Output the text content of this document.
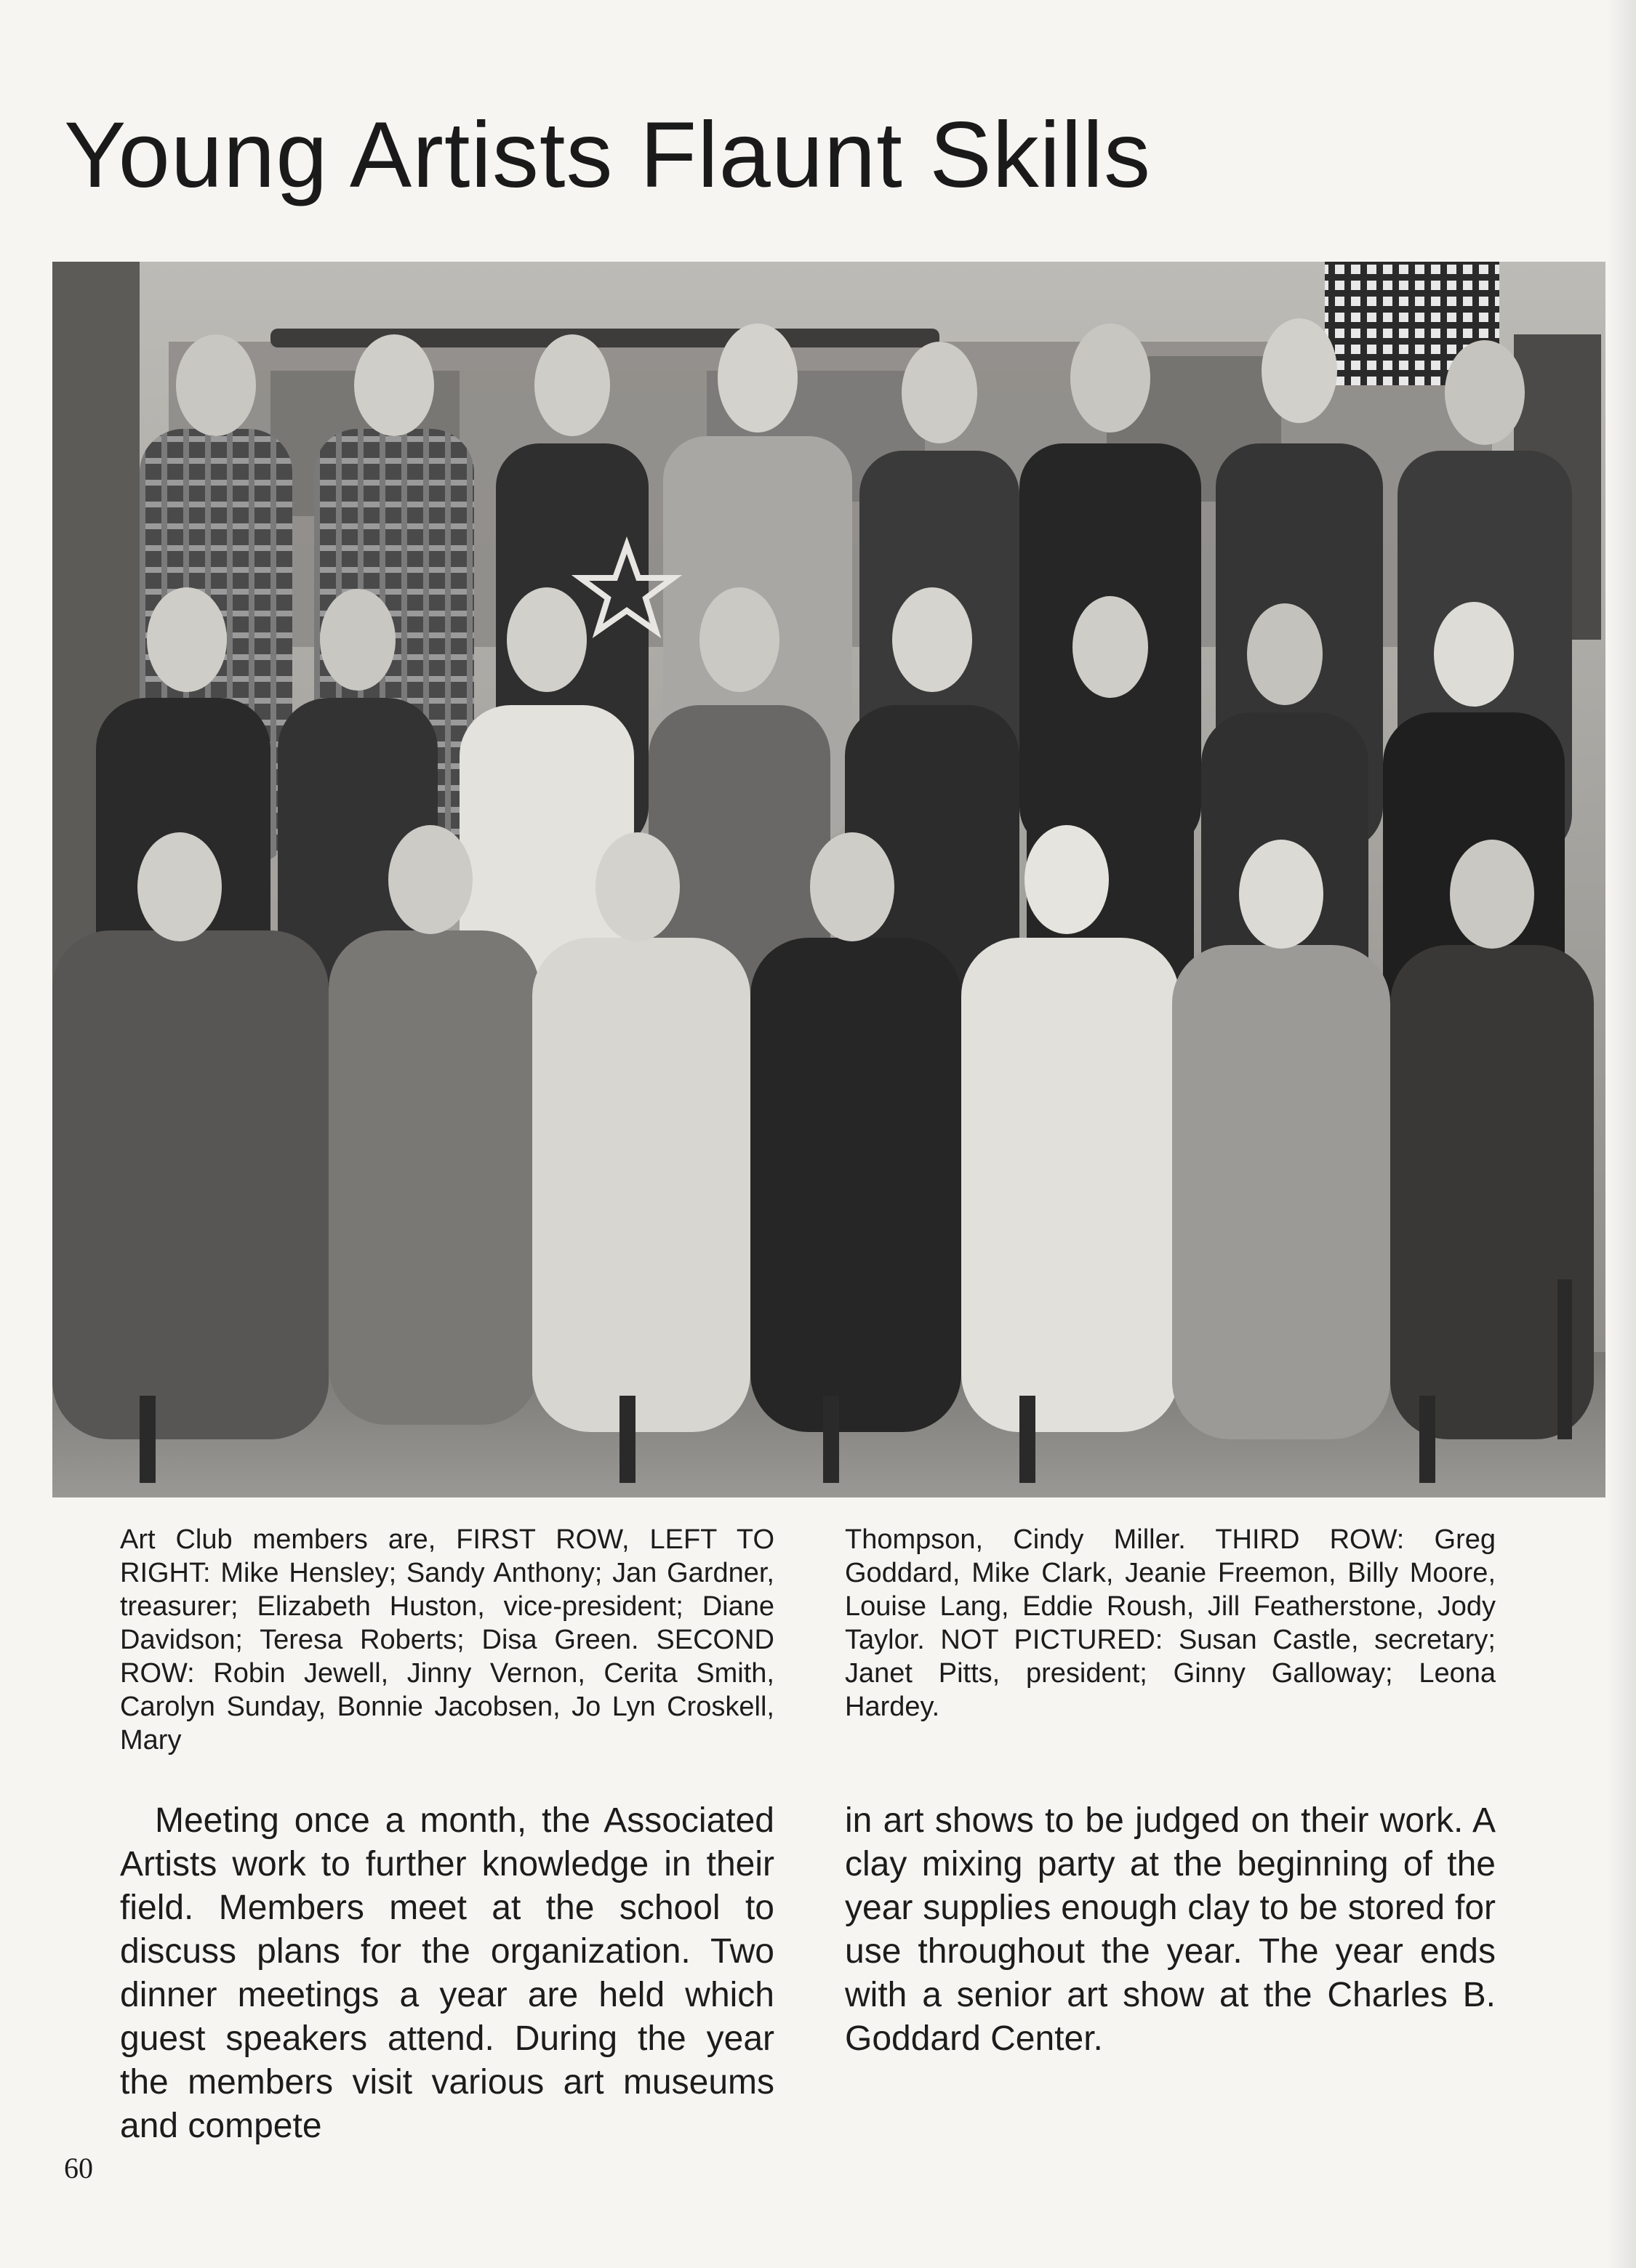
Young Artists Flaunt Skills

Art Club members are, FIRST ROW, LEFT TO RIGHT: Mike Hensley; Sandy Anthony; Jan Gardner, treasurer; Elizabeth Huston, vice-president; Diane Davidson; Teresa Roberts; Disa Green. SECOND ROW: Robin Jewell, Jinny Vernon, Cerita Smith, Carolyn Sunday, Bonnie Jacobsen, Jo Lyn Croskell, Mary

Thompson, Cindy Miller. THIRD ROW: Greg Goddard, Mike Clark, Jeanie Freemon, Billy Moore, Louise Lang, Eddie Roush, Jill Featherstone, Jody Taylor. NOT PICTURED: Susan Castle, secretary; Janet Pitts, president; Ginny Galloway; Leona Hardey.

Meeting once a month, the Associated Artists work to further knowledge in their field. Members meet at the school to discuss plans for the organization. Two dinner meetings a year are held which guest speakers attend. During the year the members visit various art museums and compete

in art shows to be judged on their work. A clay mixing party at the beginning of the year supplies enough clay to be stored for use throughout the year. The year ends with a senior art show at the Charles B. Goddard Center.

60
